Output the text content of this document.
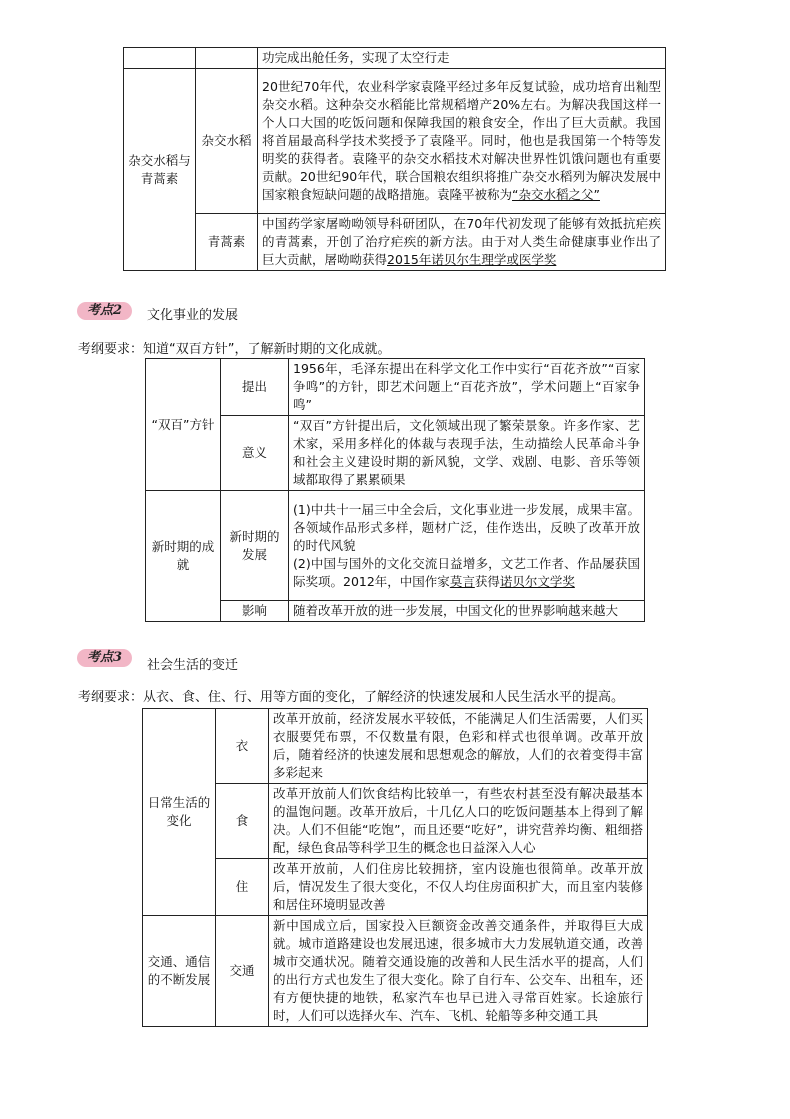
		功完成出舱任务，实现了太空行走
杂交水稻与青蒿素	杂交水稻	20世纪70年代，农业科学家袁隆平经过多年反复试验，成功培育出籼型杂交水稻。这种杂交水稻能比常规稻增产20%左右。为解决我国这样一个人口大国的吃饭问题和保障我国的粮食安全，作出了巨大贡献。我国将首届最高科学技术奖授予了袁隆平。同时，他也是我国第一个特等发明奖的获得者。袁隆平的杂交水稻技术对解决世界性饥饿问题也有重要贡献。20世纪90年代，联合国粮农组织将推广杂交水稻列为解决发展中国家粮食短缺问题的战略措施。袁隆平被称为“杂交水稻之父”
	青蒿素	中国药学家屠呦呦领导科研团队，在70年代初发现了能够有效抵抗疟疾的青蒿素，开创了治疗疟疾的新方法。由于对人类生命健康事业作出了巨大贡献，屠呦呦获得2015年诺贝尔生理学或医学奖
考点2	文化事业的发展
考纲要求：知道“双百方针”，了解新时期的文化成就。
“双百”方针	提出	1956年，毛泽东提出在科学文化工作中实行“百花齐放”“百家争鸣”的方针，即艺术问题上“百花齐放”，学术问题上“百家争鸣”
	意义	“双百”方针提出后，文化领域出现了繁荣景象。许多作家、艺术家，采用多样化的体裁与表现手法，生动描绘人民革命斗争和社会主义建设时期的新风貌，文学、戏剧、电影、音乐等领域都取得了累累硕果
新时期的成就	新时期的发展	(1)中共十一届三中全会后，文化事业进一步发展，成果丰富。各领域作品形式多样，题材广泛，佳作迭出，反映了改革开放的时代风貌
(2)中国与国外的文化交流日益增多，文艺工作者、作品屡获国际奖项。2012年，中国作家莫言获得诺贝尔文学奖
	影响	随着改革开放的进一步发展，中国文化的世界影响越来越大
考点3
社会生活的变迁
考纲要求：从衣、食、住、行、用等方面的变化，了解经济的快速发展和人民生活水平的提高。
日常生活的变化	衣	改革开放前，经济发展水平较低，不能满足人们生活需要，人们买衣服要凭布票，不仅数量有限，色彩和样式也很单调。改革开放后，随着经济的快速发展和思想观念的解放，人们的衣着变得丰富多彩起来
	食	改革开放前人们饮食结构比较单一，有些农村甚至没有解决最基本的温饱问题。改革开放后，十几亿人口的吃饭问题基本上得到了解决。人们不但能“吃饱”，而且还要“吃好”，讲究营养均衡、粗细搭配，绿色食品等科学卫生的概念也日益深入人心
	住	改革开放前，人们住房比较拥挤，室内设施也很简单。改革开放后，情况发生了很大变化，不仅人均住房面积扩大，而且室内装修和居住环境明显改善
交通、通信的不断发展	交通	新中国成立后，国家投入巨额资金改善交通条件，并取得巨大成就。城市道路建设也发展迅速，很多城市大力发展轨道交通，改善城市交通状况。随着交通设施的改善和人民生活水平的提高，人们的出行方式也发生了很大变化。除了自行车、公交车、出租车，还有方便快捷的地铁，私家汽车也早已进入寻常百姓家。长途旅行时，人们可以选择火车、汽车、飞机、轮船等多种交通工具
